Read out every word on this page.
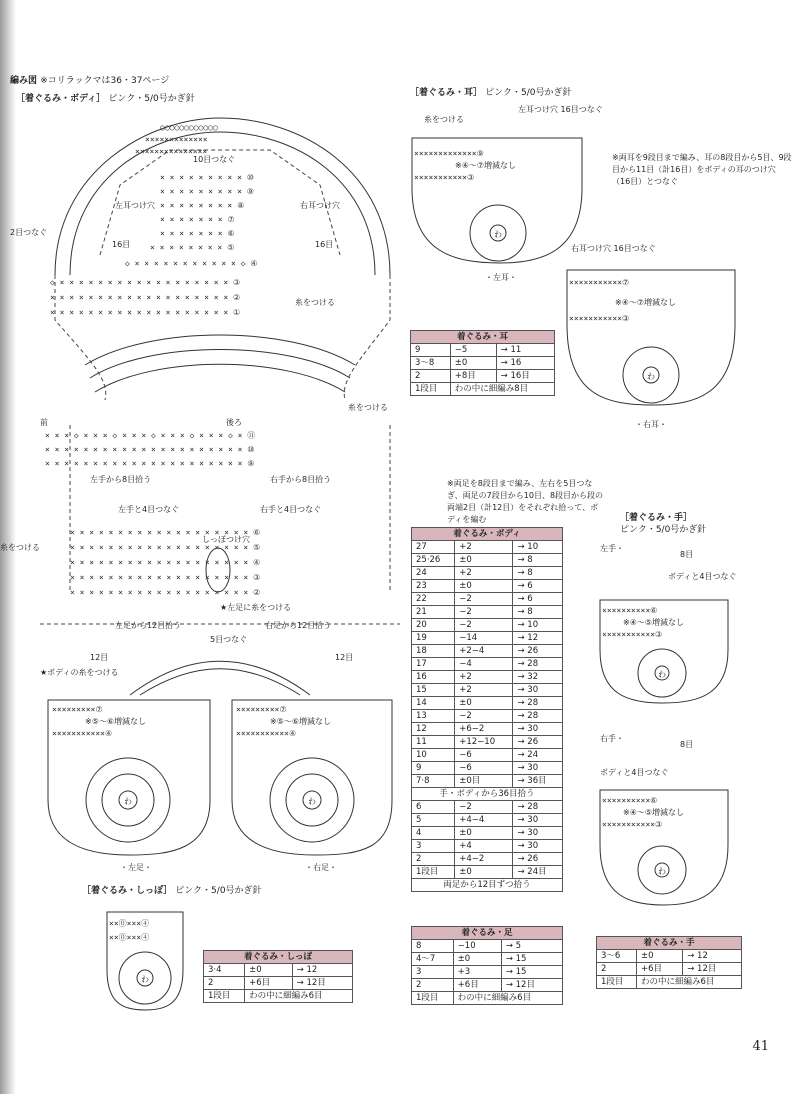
編み図 ※コリラックマは36・37ページ
［着ぐるみ・ボディ］ ピンク・5/0号かぎ針
○○○○○○○○○○○○
×××××××××××××
×××××××××××××××
× × × × × × × × × ⑩
× × × × × × × × × ⑨
× × × × × × × × ⑧
× × × × × × × ⑦
× × × × × × × ⑥
× × × × × × × × ⑤
◇ × × × × × × × × × × × ◇ ④
◇ × × × × × × × × × × × × × × × × × × ③
× × × × × × × × × × × × × × × × × × × ②
× × × × × × × × × × × × × × × × × × × ①
10目つなぐ
左耳つけ穴	右耳つけ穴
16目	16目
2目つなぐ
糸をつける
糸をつける
前	後ろ
× × × ◇ × × × ◇ × × × ◇ × × × ◇ × × × ◇ × ⑪
× × × × × × × × × × × × × × × × × × × × × ⑩
× × × × × × × × × × × × × × × × × × × × × ⑨
× × × × × × × × × × × × × × × × × × × ⑥
× × × × × × × × × × × × × × × × × × × ⑤
× × × × × × × × × × × × × × × × × × × ④
× × × × × × × × × × × × × × × × × × × ③
× × × × × × × × × × × × × × × × × × × ②
左手から8目拾う	右手から8目拾う
左手と4目つなぐ	右手と4目つなぐ
糸をつける
しっぽつけ穴
★左足に糸をつける
左足から12目拾う	右足から12目拾う
5目つなぐ
12目	12目
★ボディの糸をつける
×××××××××⑦
※⑤〜⑥増減なし
×××××××××××④
わ
・左足・
×××××××××⑦
※⑤〜⑥増減なし
×××××××××××④
わ
・右足・
［着ぐるみ・しっぽ］ ピンク・5/0号かぎ針
××⓪×××④
××⓪×××④
わ
着ぐるみ・しっぽ		
3·4	±0	→ 12
2	+6目	→ 12目
1段目	わの中に細編み6目	
［着ぐるみ・耳］ ピンク・5/0号かぎ針
糸をつける
左耳つけ穴 16目つなぐ
×××××××××××××⑨
※④〜⑦増減なし
×××××××××××③
わ
・左耳・
※両耳を9段目まで編み、耳の8段目から5目、9段目から11目（計16目）をボディの耳のつけ穴（16目）とつなぐ
着ぐるみ・耳		
9	−5	→ 11
3〜8	±0	→ 16
2	+8目	→ 16目
1段目	わの中に細編み8目	
右耳つけ穴 16目つなぐ
×××××××××××⑦
※④〜⑦増減なし
×××××××××××③
わ
・右耳・
※両足を8段目まで編み、左右を5目つなぎ、両足の7段目から10目、8段目から段の両端2目（計12目）をそれぞれ拾って、ボディを編む
着ぐるみ・ボディ		
27	+2	→ 10
25·26	±0	→ 8
24	+2	→ 8
23	±0	→ 6
22	−2	→ 6
21	−2	→ 8
20	−2	→ 10
19	−14	→ 12
18	+2−4	→ 26
17	−4	→ 28
16	+2	→ 32
15	+2	→ 30
14	±0	→ 28
13	−2	→ 28
12	+6−2	→ 30
11	+12−10	→ 26
10	−6	→ 24
9	−6	→ 30
7·8	±0目	→ 36目
手・ボディから36目拾う		
6	−2	→ 28
5	+4−4	→ 30
4	±0	→ 30
3	+4	→ 30
2	+4−2	→ 26
1段目	±0	→ 24目
両足から12目ずつ拾う		
着ぐるみ・足		
8	−10	→ 5
4〜7	±0	→ 15
3	+3	→ 15
2	+6目	→ 12目
1段目	わの中に細編み6目	
［着ぐるみ・手］
ピンク・5/0号かぎ針
左手・
8目
ボディと4目つなぐ
××××××××××⑥
※④〜⑤増減なし
×××××××××××③
わ
右手・
8目
ボディと4目つなぐ
××××××××××⑥
※④〜⑤増減なし
×××××××××××③
わ
着ぐるみ・手		
3〜6	±0	→ 12
2	+6目	→ 12目
1段目	わの中に細編み6目	
41
